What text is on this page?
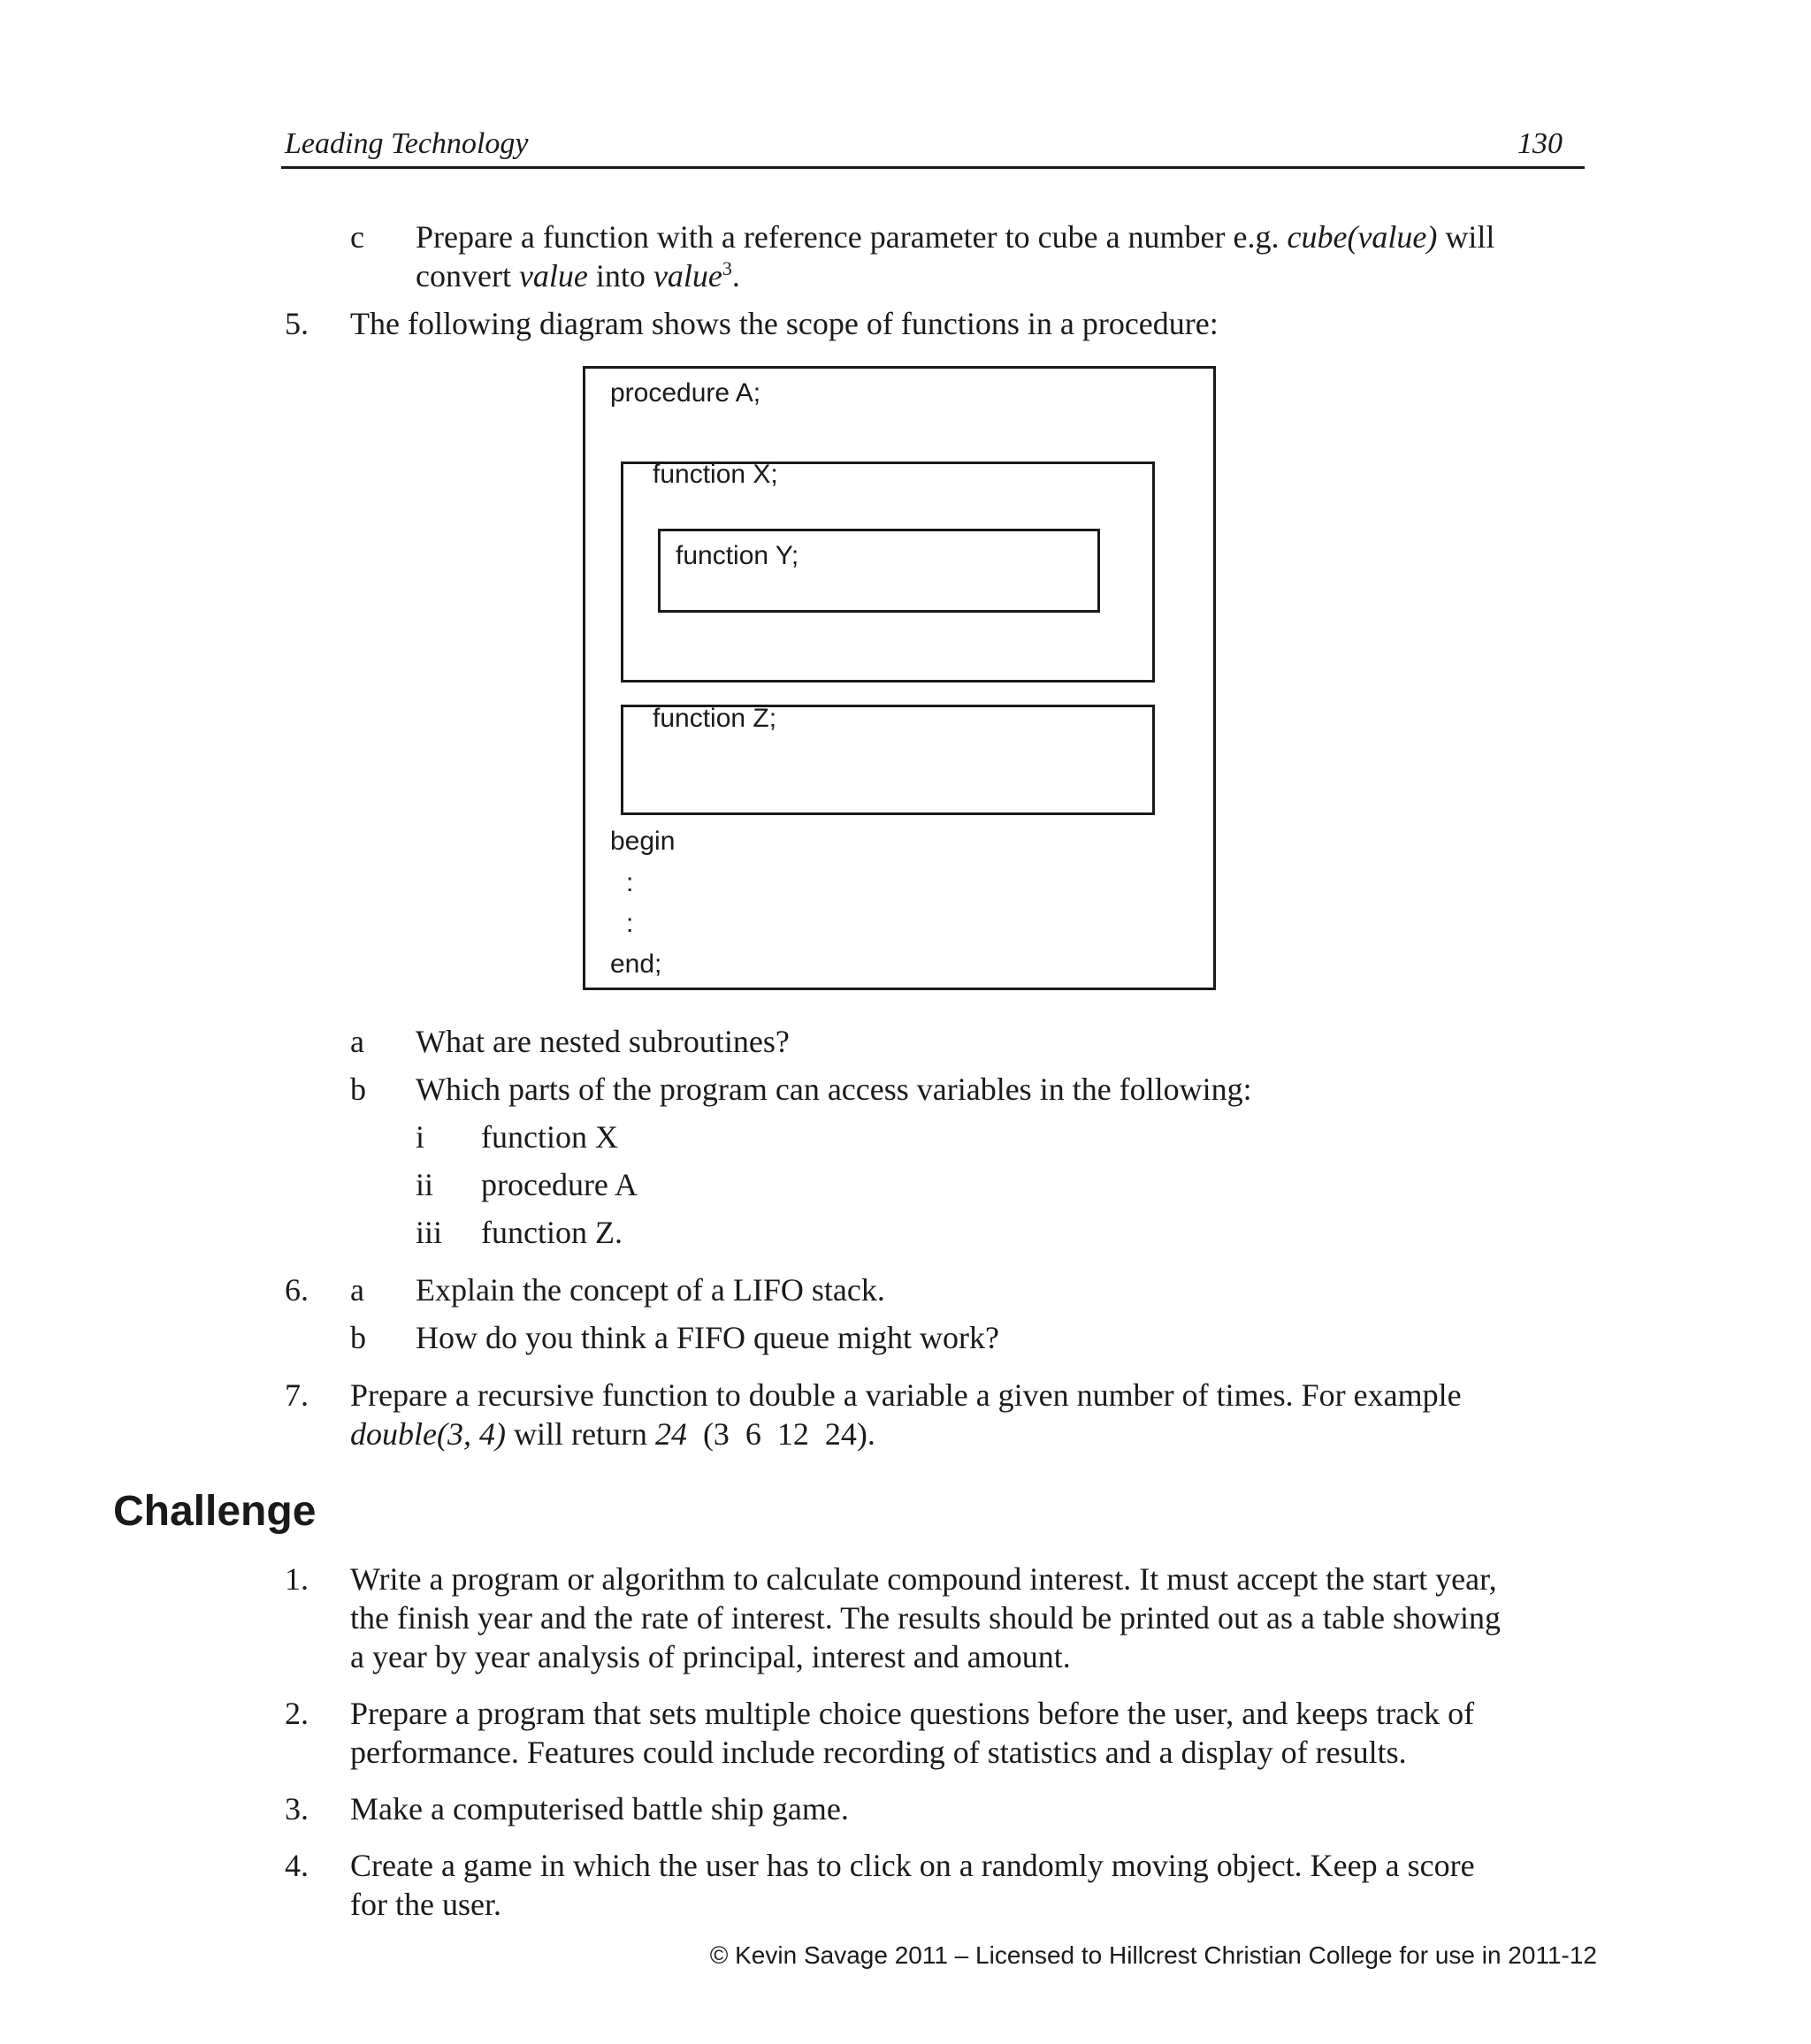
Leading Technology	130
c Prepare a function with a reference parameter to cube a number e.g. cube(value) will
convert value into value$^3$.
5. The following diagram shows the scope of functions in a procedure:
procedure A;
function X;
function Y;
function Z;
begin
:
:
end;
a What are nested subroutines?
b Which parts of the program can access variables in the following:
i function X
ii procedure A
iii function Z.
6. a Explain the concept of a LIFO stack.
b How do you think a FIFO queue might work?
7. Prepare a recursive function to double a variable a given number of times. For example
double(3, 4) will return 24  (3  6  12  24).
Challenge
1. Write a program or algorithm to calculate compound interest. It must accept the start year,
the finish year and the rate of interest. The results should be printed out as a table showing
a year by year analysis of principal, interest and amount.
2. Prepare a program that sets multiple choice questions before the user, and keeps track of
performance. Features could include recording of statistics and a display of results.
3. Make a computerised battle ship game.
4. Create a game in which the user has to click on a randomly moving object. Keep a score
for the user.
© Kevin Savage 2011 – Licensed to Hillcrest Christian College for use in 2011-12
